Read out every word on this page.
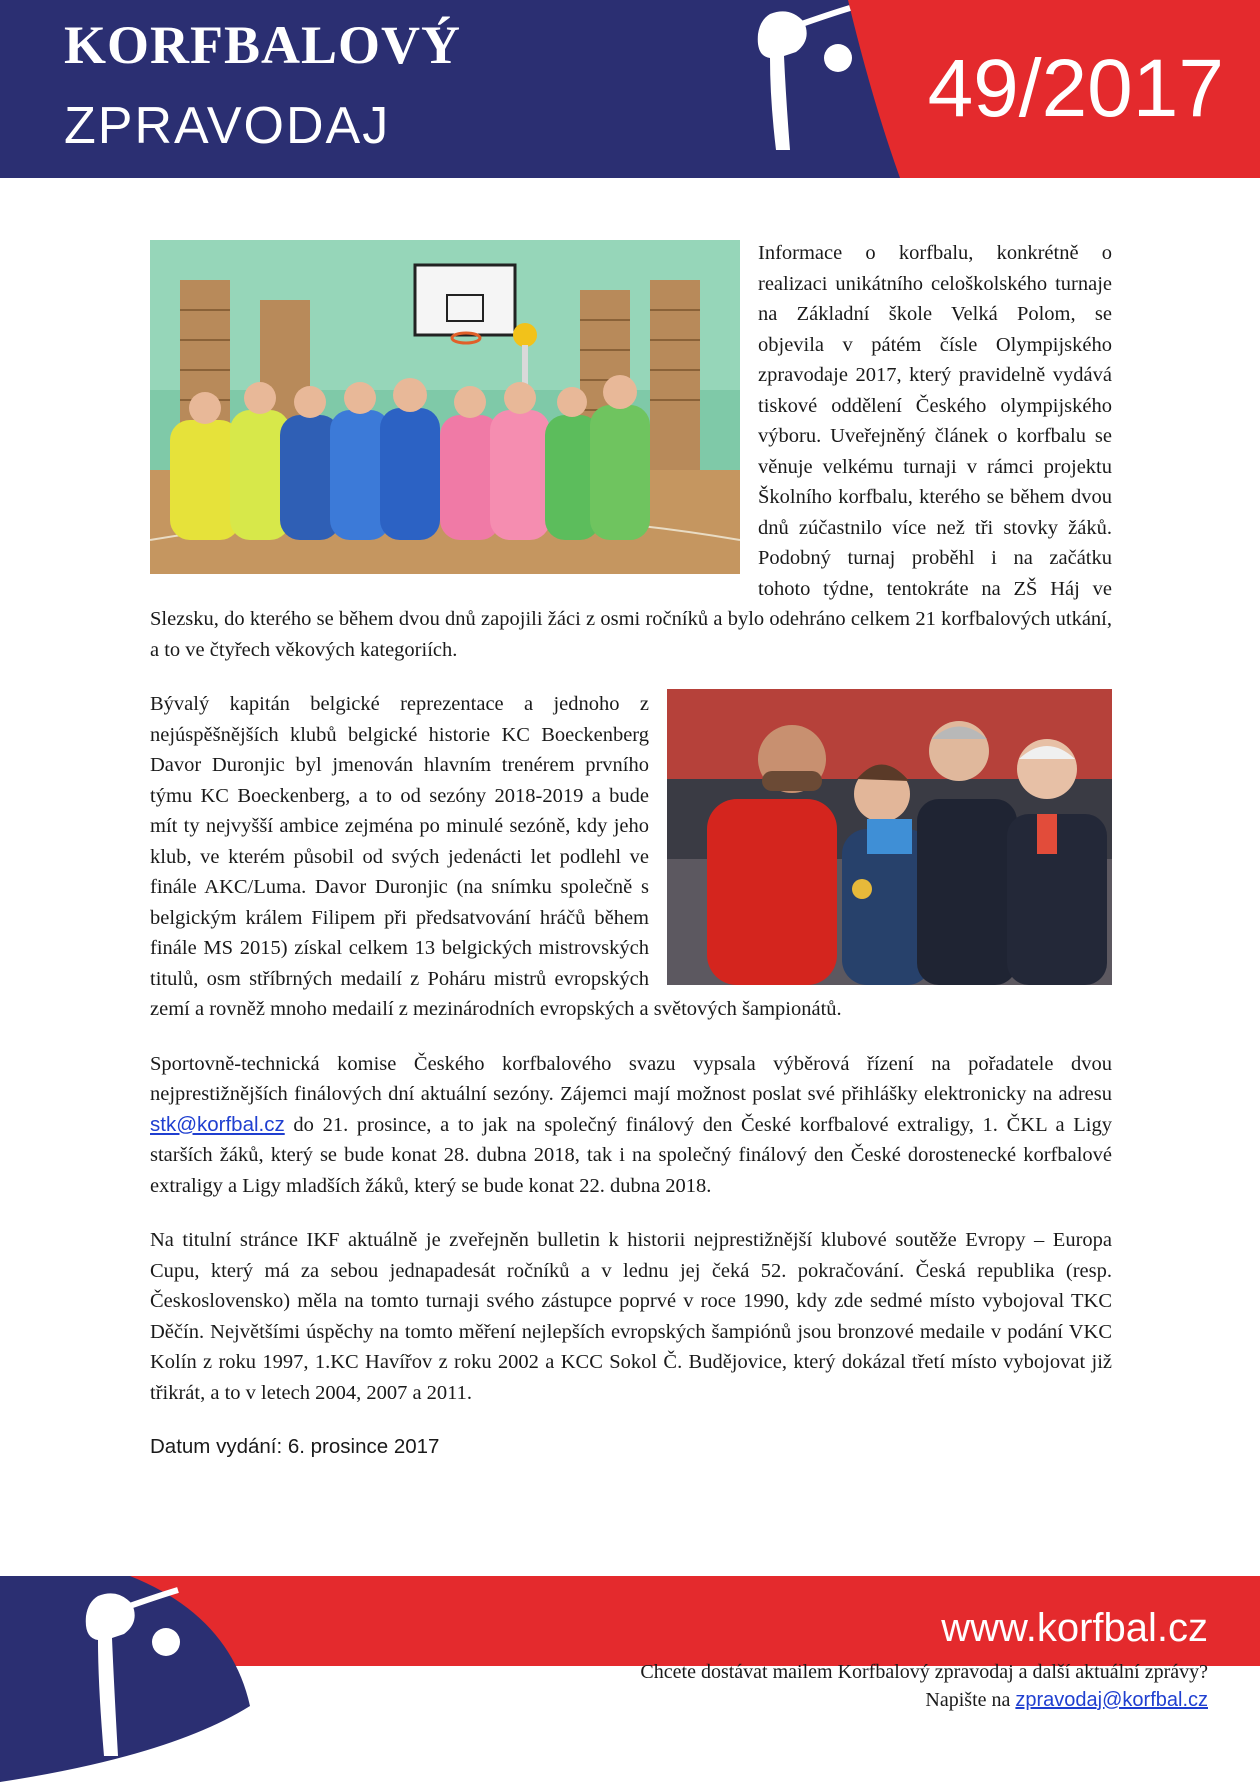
KORFBALOVÝ
ZPRAVODAJ	49/2017

Informace o korfbalu, konkrétně o realizaci unikátního celoškolského turnaje na Základní škole Velká Polom, se objevila v pátém čísle Olympijského zpravodaje 2017, který pravidelně vydává tiskové oddělení Českého olympijského výboru. Uveřejněný článek o korfbalu se věnuje velkému turnaji v rámci projektu Školního korfbalu, kterého se během dvou dnů zúčastnilo více než tři stovky žáků. Podobný turnaj proběhl i na začátku tohoto týdne, tentokráte na ZŠ Háj ve Slezsku, do kterého se během dvou dnů zapojili žáci z osmi ročníků a bylo odehráno celkem 21 korfbalových utkání, a to ve čtyřech věkových kategoriích.

Bývalý kapitán belgické reprezentace a jednoho z nejúspěšnějších klubů belgické historie KC Boeckenberg Davor Duronjic byl jmenován hlavním trenérem prvního týmu KC Boeckenberg, a to od sezóny 2018-2019 a bude mít ty nejvyšší ambice zejména po minulé sezóně, kdy jeho klub, ve kterém působil od svých jedenácti let podlehl ve finále AKC/Luma. Davor Duronjic (na snímku společně s belgickým králem Filipem při předsatvování hráčů během finále MS 2015) získal celkem 13 belgických mistrovských titulů, osm stříbrných medailí z Poháru mistrů evropských zemí a rovněž mnoho medailí z mezinárodních evropských a světových šampionátů.

Sportovně-technická komise Českého korfbalového svazu vypsala výběrová řízení na pořadatele dvou nejprestižnějších finálových dní aktuální sezóny. Zájemci mají možnost poslat své přihlášky elektronicky na adresu stk@korfbal.cz do 21. prosince, a to jak na společný finálový den České korfbalové extraligy, 1. ČKL a Ligy starších žáků, který se bude konat 28. dubna 2018, tak i na společný finálový den České dorostenecké korfbalové extraligy a Ligy mladších žáků, který se bude konat 22. dubna 2018.

Na titulní stránce IKF aktuálně je zveřejněn bulletin k historii nejprestižnější klubové soutěže Evropy – Europa Cupu, který má za sebou jednapadesát ročníků a v lednu jej čeká 52. pokračování. Česká republika (resp. Československo) měla na tomto turnaji svého zástupce poprvé v roce 1990, kdy zde sedmé místo vybojoval TKC Děčín. Největšími úspěchy na tomto měření nejlepších evropských šampiónů jsou bronzové medaile v podání VKC Kolín z roku 1997, 1.KC Havířov z roku 2002 a KCC Sokol Č. Budějovice, který dokázal třetí místo vybojovat již třikrát, a to v letech 2004, 2007 a 2011.

Datum vydání: 6. prosince 2017

www.korfbal.cz
Chcete dostávat mailem Korfbalový zpravodaj a další aktuální zprávy?
Napište na zpravodaj@korfbal.cz
